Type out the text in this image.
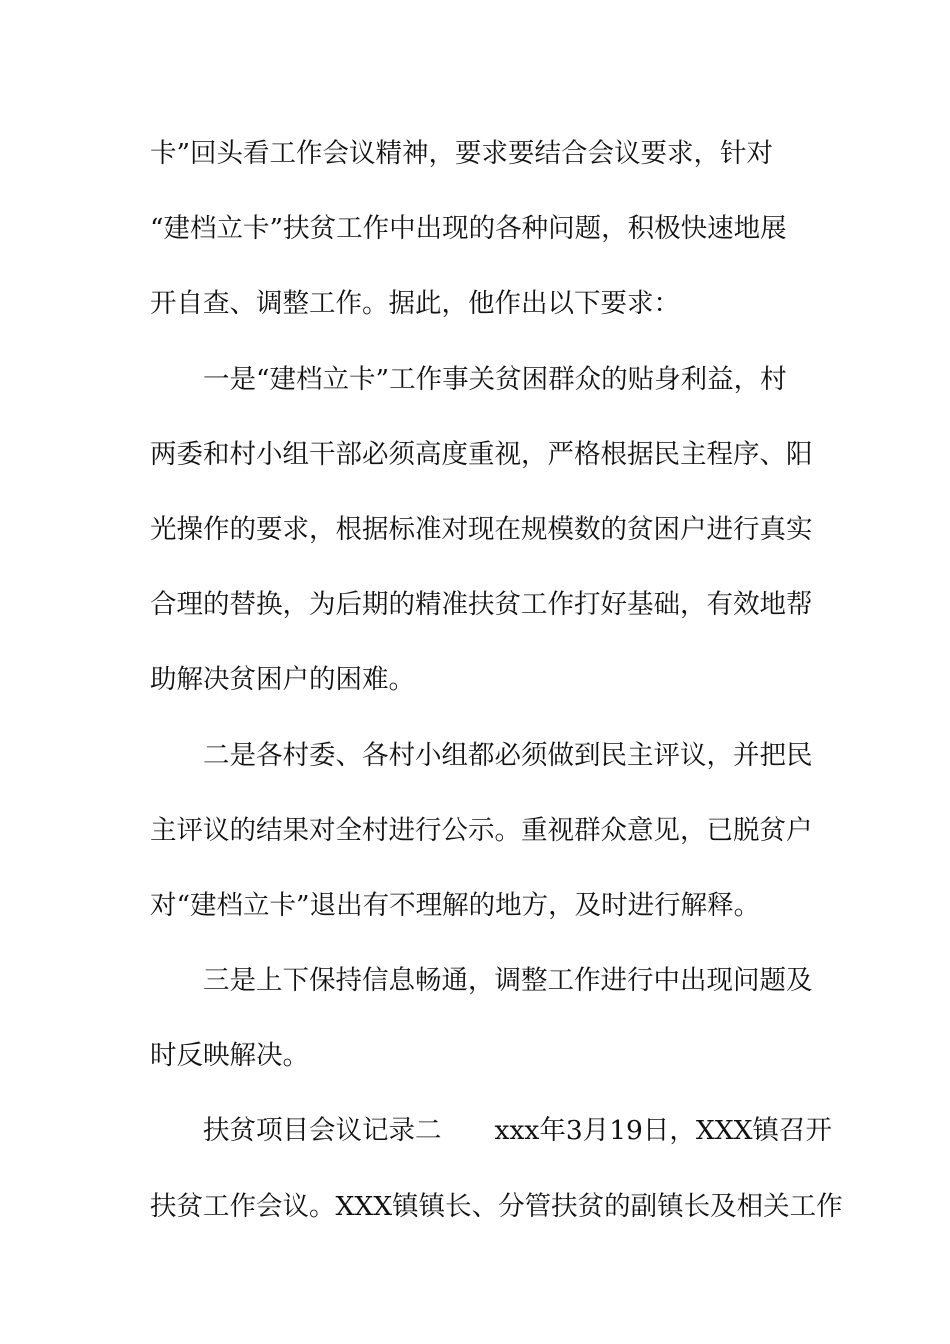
卡”回头看工作会议精神，要求要结合会议要求，针对
“建档立卡”扶贫工作中出现的各种问题，积极快速地展
开自查、调整工作。据此，他作出以下要求：
一是“建档立卡”工作事关贫困群众的贴身利益，村
两委和村小组干部必须高度重视，严格根据民主程序、阳
光操作的要求，根据标准对现在规模数的贫困户进行真实
合理的替换，为后期的精准扶贫工作打好基础，有效地帮
助解决贫困户的困难。
二是各村委、各村小组都必须做到民主评议，并把民
主评议的结果对全村进行公示。重视群众意见，已脱贫户
对“建档立卡”退出有不理解的地方，及时进行解释。
三是上下保持信息畅通，调整工作进行中出现问题及
时反映解决。
扶贫项目会议记录二　　xxx年3月19日，XXX镇召开
扶贫工作会议。XXX镇镇长、分管扶贫的副镇长及相关工作
